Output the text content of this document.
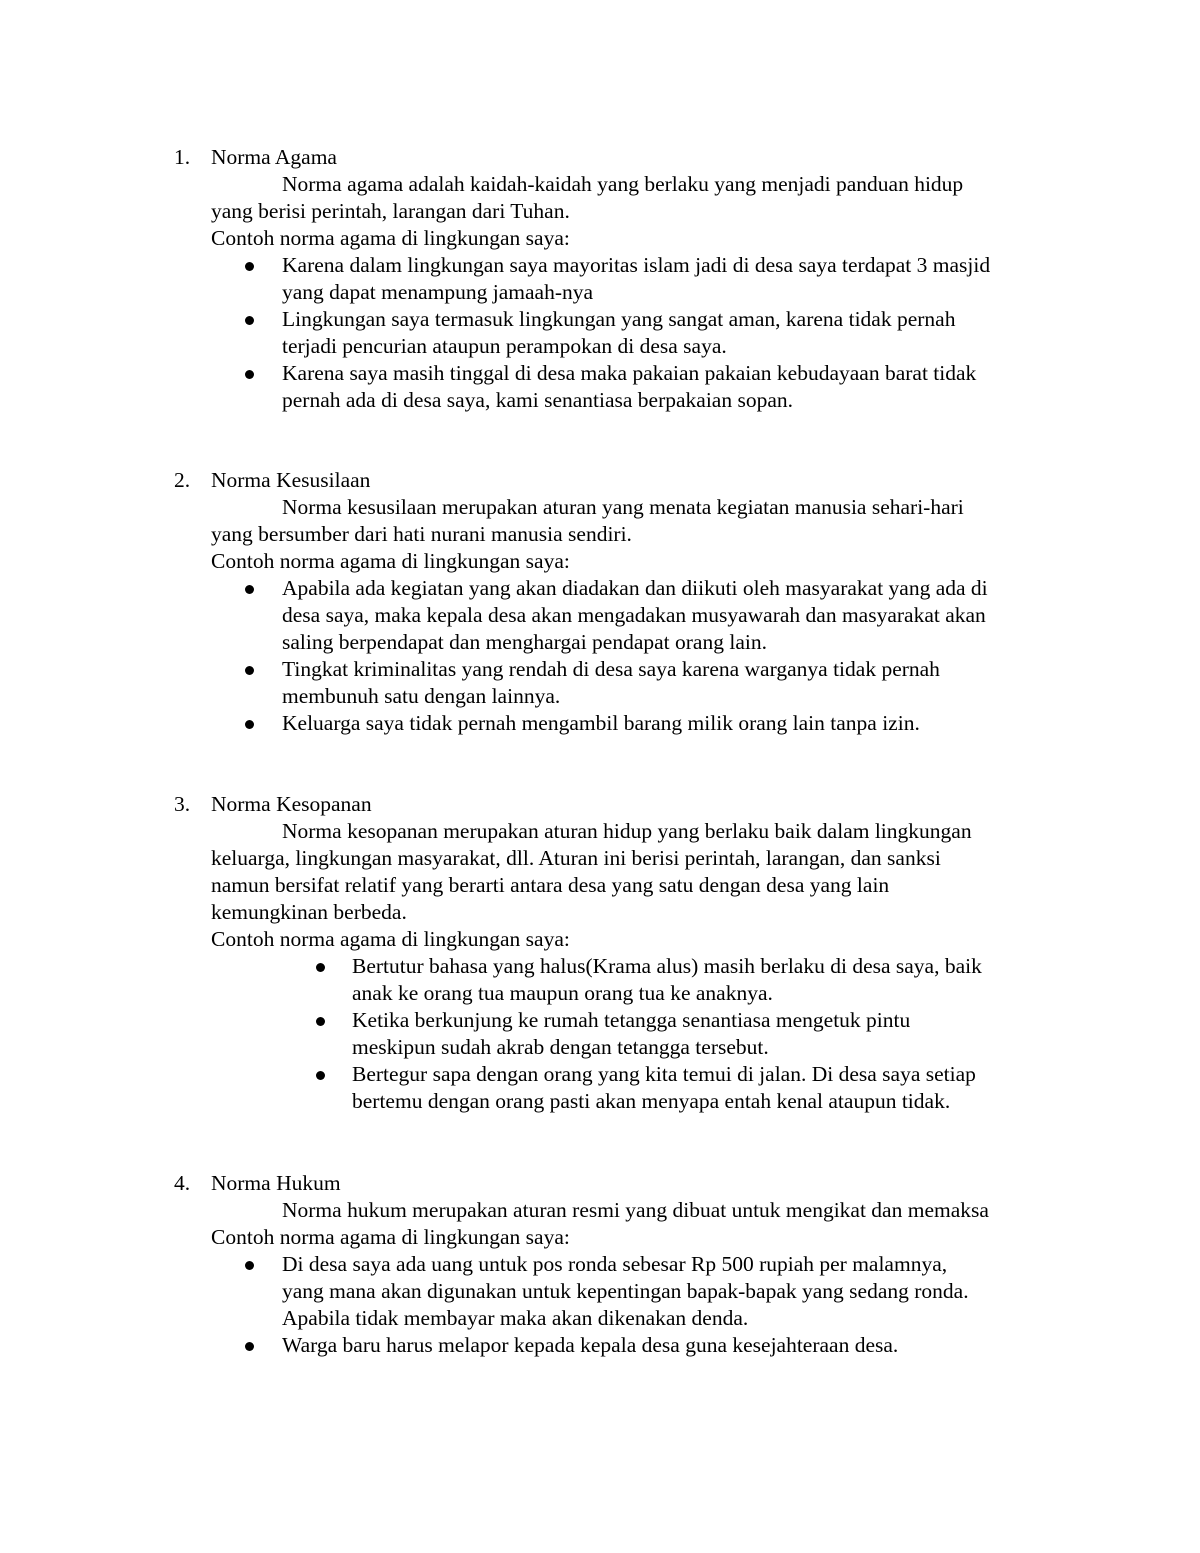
1. Norma Agama
Norma agama adalah kaidah-kaidah yang berlaku yang menjadi panduan hidup
yang berisi perintah, larangan dari Tuhan.
Contoh norma agama di lingkungan saya:
Karena dalam lingkungan saya mayoritas islam jadi di desa saya terdapat 3 masjid
yang dapat menampung jamaah-nya
Lingkungan saya termasuk lingkungan yang sangat aman, karena tidak pernah
terjadi pencurian ataupun perampokan di desa saya.
Karena saya masih tinggal di desa maka pakaian pakaian kebudayaan barat tidak
pernah ada di desa saya, kami senantiasa berpakaian sopan.
2. Norma Kesusilaan
Norma kesusilaan merupakan aturan yang menata kegiatan manusia sehari-hari
yang bersumber dari hati nurani manusia sendiri.
Contoh norma agama di lingkungan saya:
Apabila ada kegiatan yang akan diadakan dan diikuti oleh masyarakat yang ada di
desa saya, maka kepala desa akan mengadakan musyawarah dan masyarakat akan
saling berpendapat dan menghargai pendapat orang lain.
Tingkat kriminalitas yang rendah di desa saya karena warganya tidak pernah
membunuh satu dengan lainnya.
Keluarga saya tidak pernah mengambil barang milik orang lain tanpa izin.
3. Norma Kesopanan
Norma kesopanan merupakan aturan hidup yang berlaku baik dalam lingkungan
keluarga, lingkungan masyarakat, dll. Aturan ini berisi perintah, larangan, dan sanksi
namun bersifat relatif yang berarti antara desa yang satu dengan desa yang lain
kemungkinan berbeda.
Contoh norma agama di lingkungan saya:
Bertutur bahasa yang halus(Krama alus) masih berlaku di desa saya, baik
anak ke orang tua maupun orang tua ke anaknya.
Ketika berkunjung ke rumah tetangga senantiasa mengetuk pintu
meskipun sudah akrab dengan tetangga tersebut.
Bertegur sapa dengan orang yang kita temui di jalan. Di desa saya setiap
bertemu dengan orang pasti akan menyapa entah kenal ataupun tidak.
4. Norma Hukum
Norma hukum merupakan aturan resmi yang dibuat untuk mengikat dan memaksa
Contoh norma agama di lingkungan saya:
Di desa saya ada uang untuk pos ronda sebesar Rp 500 rupiah per malamnya,
yang mana akan digunakan untuk kepentingan bapak-bapak yang sedang ronda.
Apabila tidak membayar maka akan dikenakan denda.
Warga baru harus melapor kepada kepala desa guna kesejahteraan desa.
